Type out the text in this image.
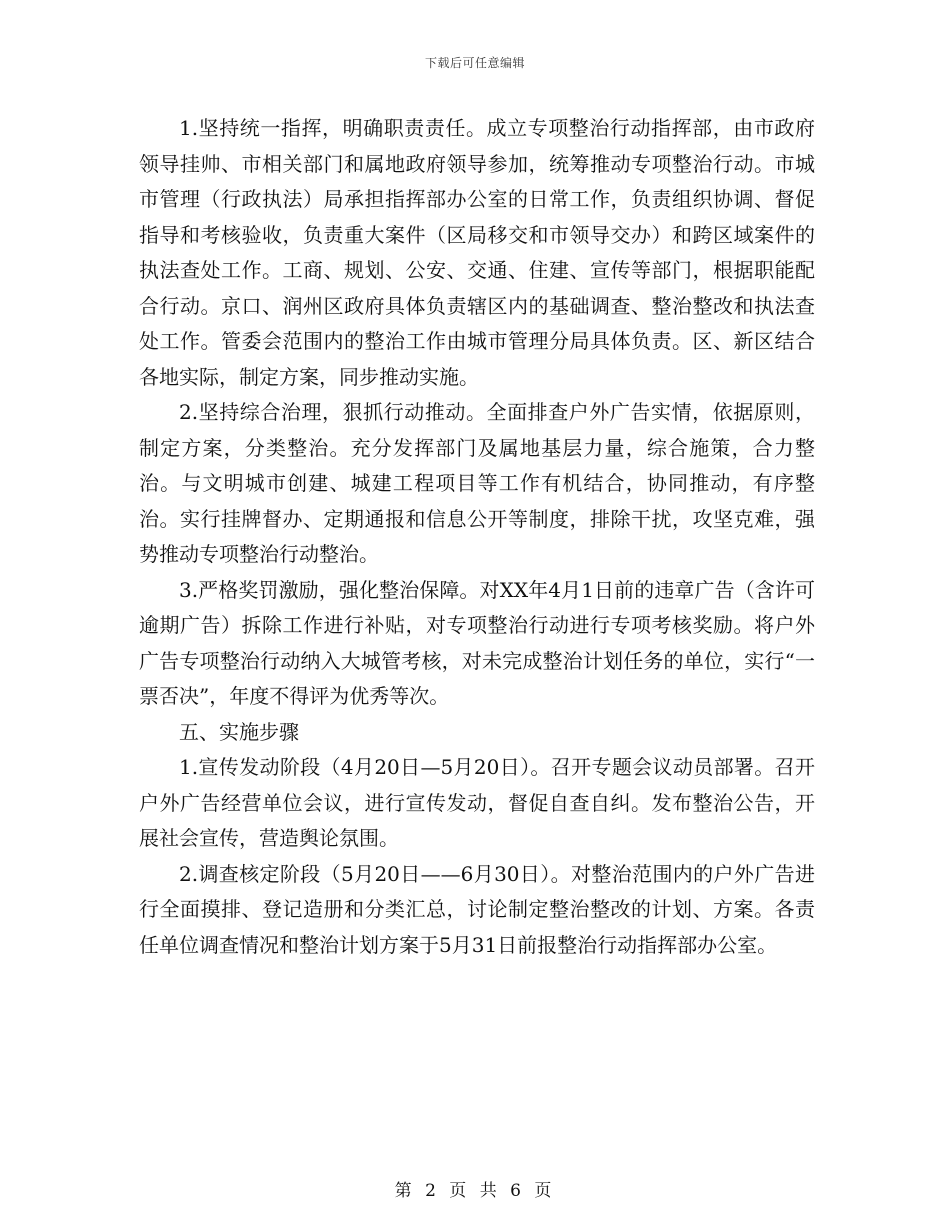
下载后可任意编辑

1.坚持统一指挥，明确职责责任。成立专项整治行动指挥部，由市政府领导挂帅、市相关部门和属地政府领导参加，统筹推动专项整治行动。市城市管理（行政执法）局承担指挥部办公室的日常工作，负责组织协调、督促指导和考核验收，负责重大案件（区局移交和市领导交办）和跨区域案件的执法查处工作。工商、规划、公安、交通、住建、宣传等部门，根据职能配合行动。京口、润州区政府具体负责辖区内的基础调查、整治整改和执法查处工作。管委会范围内的整治工作由城市管理分局具体负责。区、新区结合各地实际，制定方案，同步推动实施。

2.坚持综合治理，狠抓行动推动。全面排查户外广告实情，依据原则，制定方案，分类整治。充分发挥部门及属地基层力量，综合施策，合力整治。与文明城市创建、城建工程项目等工作有机结合，协同推动，有序整治。实行挂牌督办、定期通报和信息公开等制度，排除干扰，攻坚克难，强势推动专项整治行动整治。

3.严格奖罚激励，强化整治保障。对XX年4月1日前的违章广告（含许可逾期广告）拆除工作进行补贴，对专项整治行动进行专项考核奖励。将户外广告专项整治行动纳入大城管考核，对未完成整治计划任务的单位，实行“一票否决”，年度不得评为优秀等次。

五、实施步骤

1.宣传发动阶段（4月20日—5月20日）。召开专题会议动员部署。召开户外广告经营单位会议，进行宣传发动，督促自查自纠。发布整治公告，开展社会宣传，营造舆论氛围。

2.调查核定阶段（5月20日——6月30日）。对整治范围内的户外广告进行全面摸排、登记造册和分类汇总，讨论制定整治整改的计划、方案。各责任单位调查情况和整治计划方案于5月31日前报整治行动指挥部办公室。

第 2 页 共 6 页
